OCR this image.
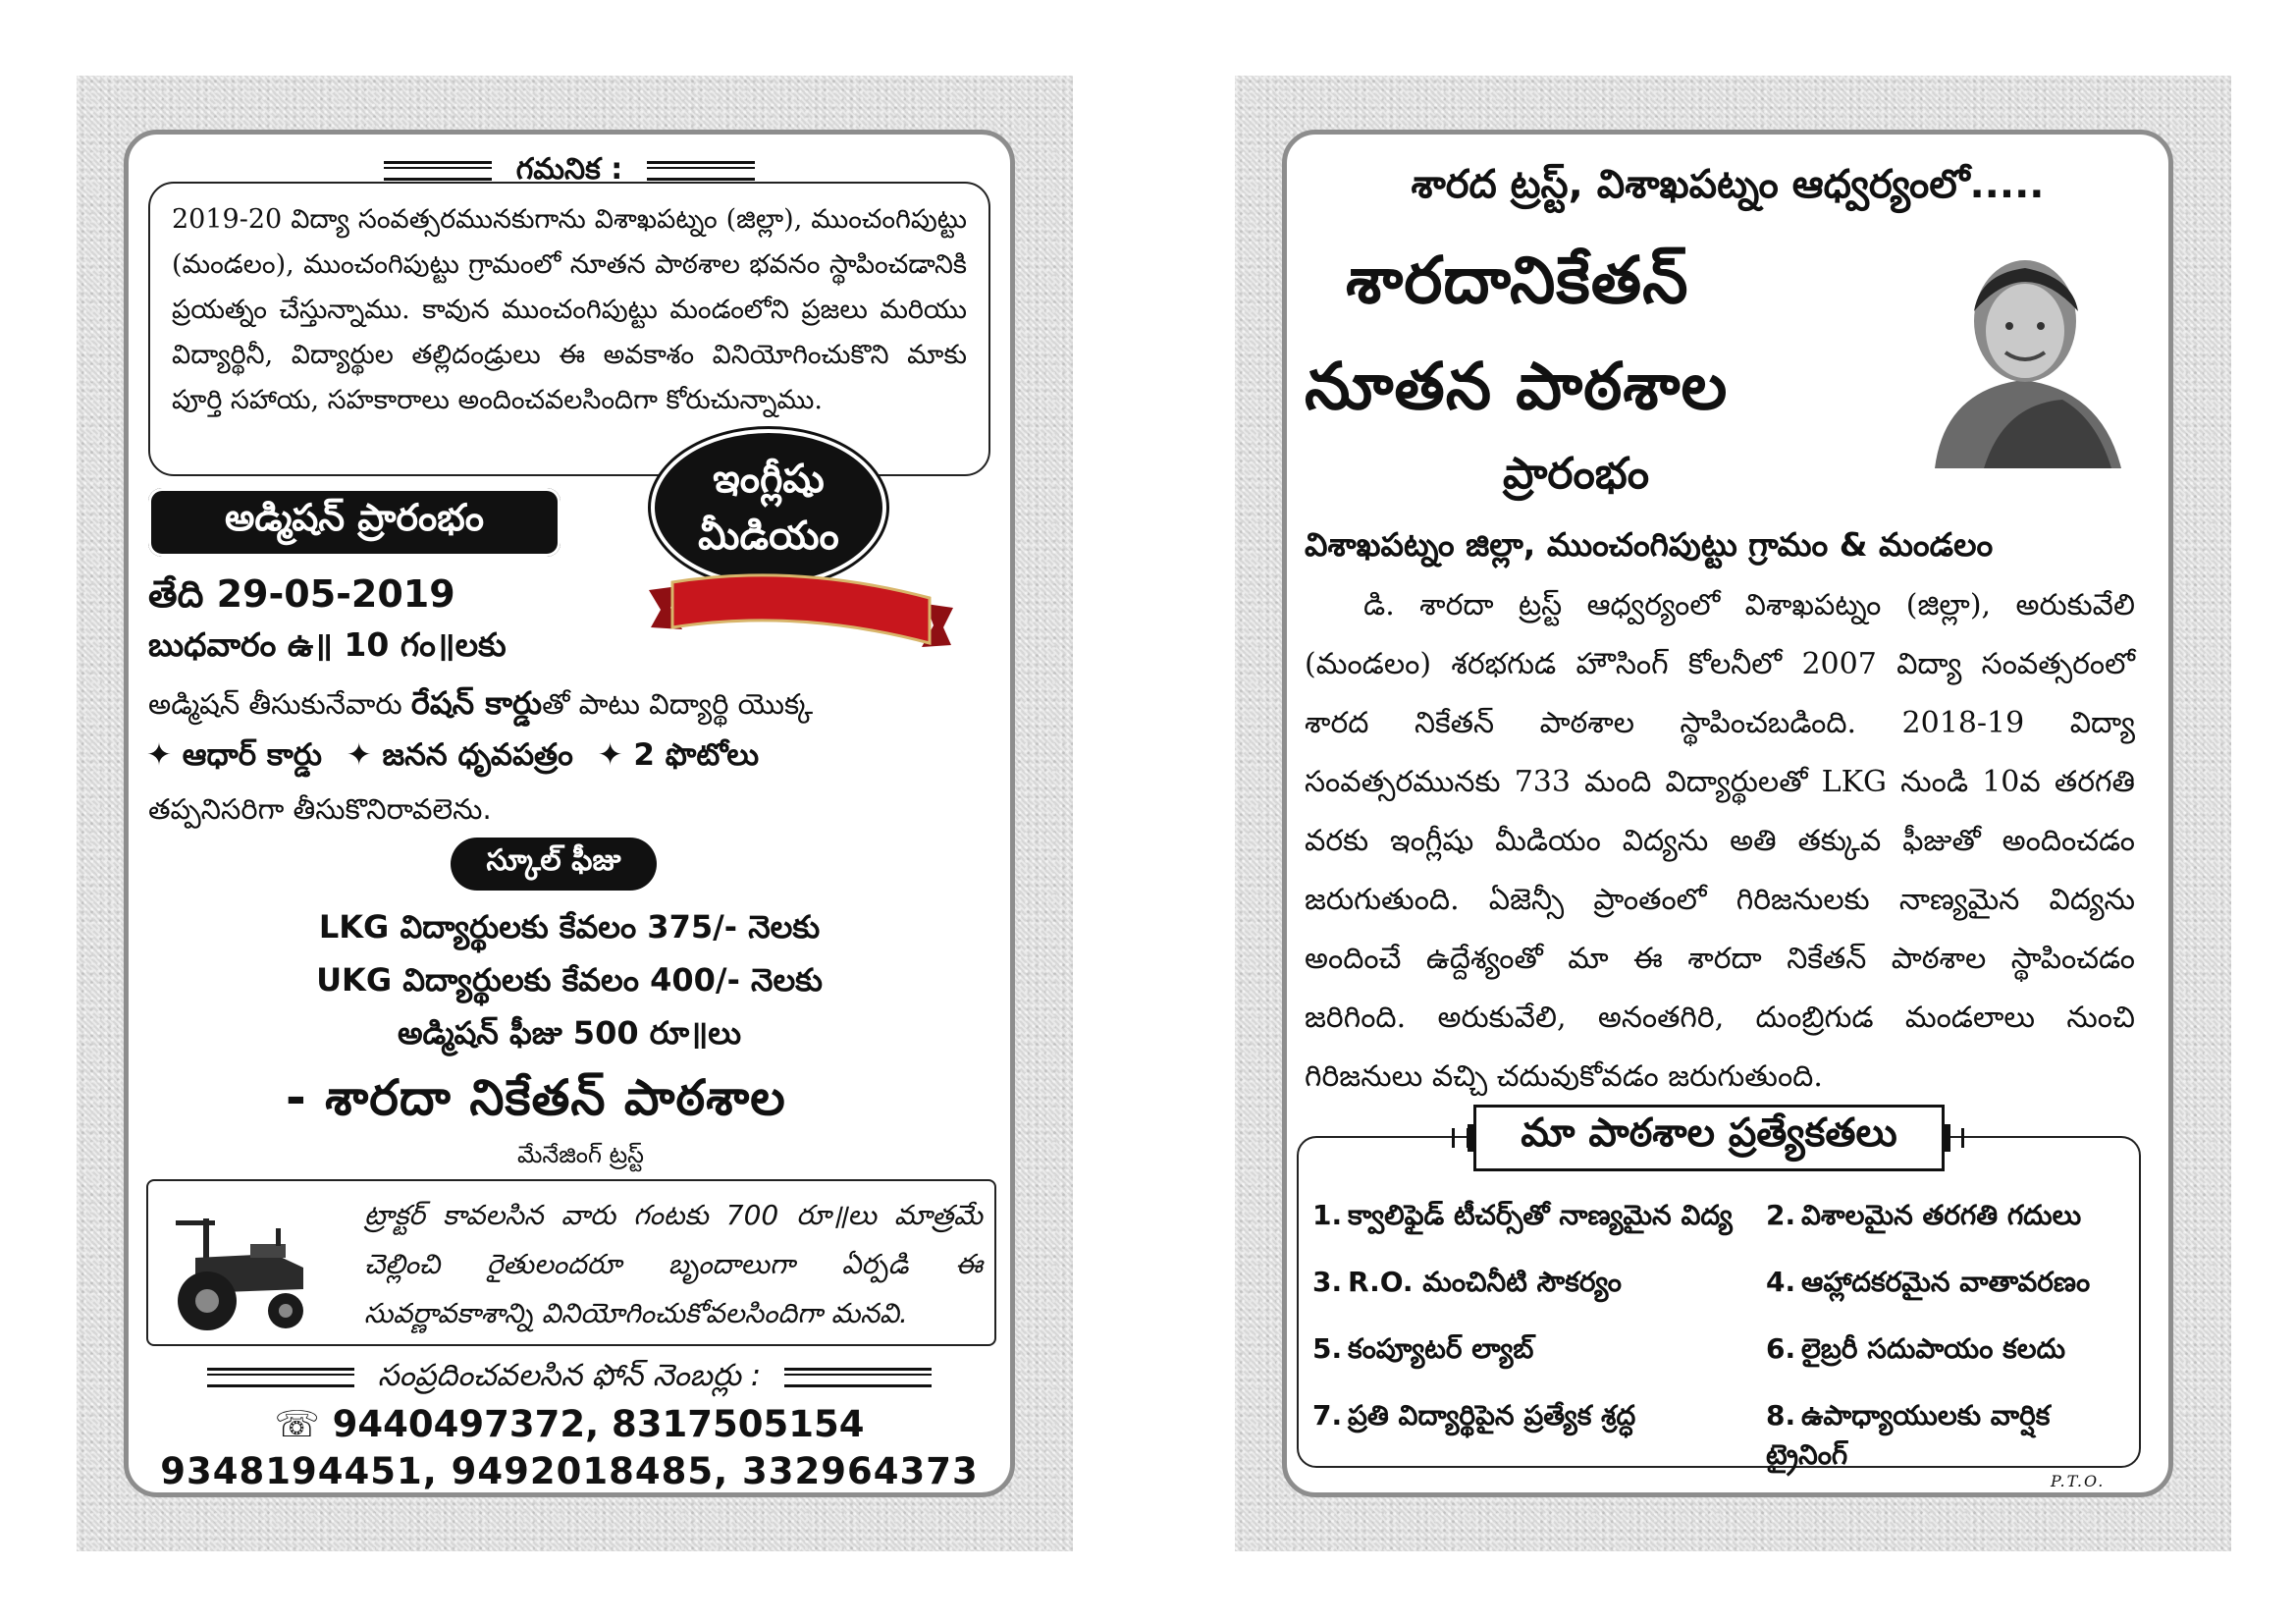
గమనిక :
2019-20 విద్యా సంవత్సరమునకుగాను విశాఖపట్నం (జిల్లా), ముంచంగిపుట్టు (మండలం), ముంచంగిపుట్టు గ్రామంలో నూతన పాఠశాల భవనం స్థాపించడానికి ప్రయత్నం చేస్తున్నాము. కావున ముంచంగిపుట్టు మండంలోని ప్రజలు మరియు విద్యార్థినీ, విద్యార్థుల తల్లిదండ్రులు ఈ అవకాశం వినియోగించుకొని మాకు పూర్తి సహాయ, సహకారాలు అందించవలసిందిగా కోరుచున్నాము.
అడ్మిషన్ ప్రారంభం
ఇంగ్లీషు
మీడియం
తేది 29-05-2019
బుధవారం ఉ॥ 10 గం॥లకు
అడ్మిషన్ తీసుకునేవారు రేషన్ కార్డుతో పాటు విద్యార్థి యొక్క
✦ ఆధార్ కార్డు ✦ జనన ధృవపత్రం ✦ 2 ఫొటోలు
తప్పనిసరిగా తీసుకొనిరావలెను.
స్కూల్ ఫీజు
LKG విద్యార్థులకు కేవలం 375/- నెలకు
UKG విద్యార్థులకు కేవలం 400/- నెలకు
అడ్మిషన్ ఫీజు 500 రూ॥లు
- శారదా నికేతన్ పాఠశాల
మేనేజింగ్ ట్రస్ట్
ట్రాక్టర్ కావలసిన వారు గంటకు 700 రూ॥లు మాత్రమే చెల్లించి రైతులందరూ బృందాలుగా ఏర్పడి ఈ సువర్ణావకాశాన్ని వినియోగించుకోవలసిందిగా మనవి.
సంప్రదించవలసిన ఫోన్ నెంబర్లు :
☏ 9440497372, 8317505154
9348194451, 9492018485, 332964373
శారద ట్రస్ట్, విశాఖపట్నం ఆధ్వర్యంలో.....
శారదానికేతన్
నూతన పాఠశాల
ప్రారంభం
విశాఖపట్నం జిల్లా, ముంచంగిపుట్టు గ్రామం & మండలం

డి. శారదా ట్రస్ట్ ఆధ్వర్యంలో విశాఖపట్నం (జిల్లా), అరుకువేలి (మండలం) శరభగుడ హౌసింగ్ కోలనీలో 2007 విద్యా సంవత్సరంలో శారద నికేతన్ పాఠశాల స్థాపించబడింది. 2018-19 విద్యా సంవత్సరమునకు 733 మంది విద్యార్థులతో LKG నుండి 10వ తరగతి వరకు ఇంగ్లీషు మీడియం విద్యను అతి తక్కువ ఫీజుతో అందించడం జరుగుతుంది. ఏజెన్సీ ప్రాంతంలో గిరిజనులకు నాణ్యమైన విద్యను అందించే ఉద్దేశ్యంతో మా ఈ శారదా నికేతన్ పాఠశాల స్థాపించడం జరిగింది. అరుకువేలి, అనంతగిరి, దుంబ్రిగుడ మండలాలు నుంచి గిరిజనులు వచ్చి చదువుకోవడం జరుగుతుంది.

1. క్వాలిఫైడ్ టీచర్స్‌తో నాణ్యమైన విద్య 2. విశాలమైన తరగతి గదులు
3. R.O. మంచినీటి సౌకర్యం	4. ఆహ్లాదకరమైన వాతావరణం
5. కంప్యూటర్ ల్యాబ్	6. లైబ్రరీ సదుపాయం కలదు
7. ప్రతి విద్యార్థిపైన ప్రత్యేక శ్రద్ధ	8. ఉపాధ్యాయులకు వార్షిక ట్రైనింగ్
మా పాఠశాల ప్రత్యేకతలు
P.T.O.
